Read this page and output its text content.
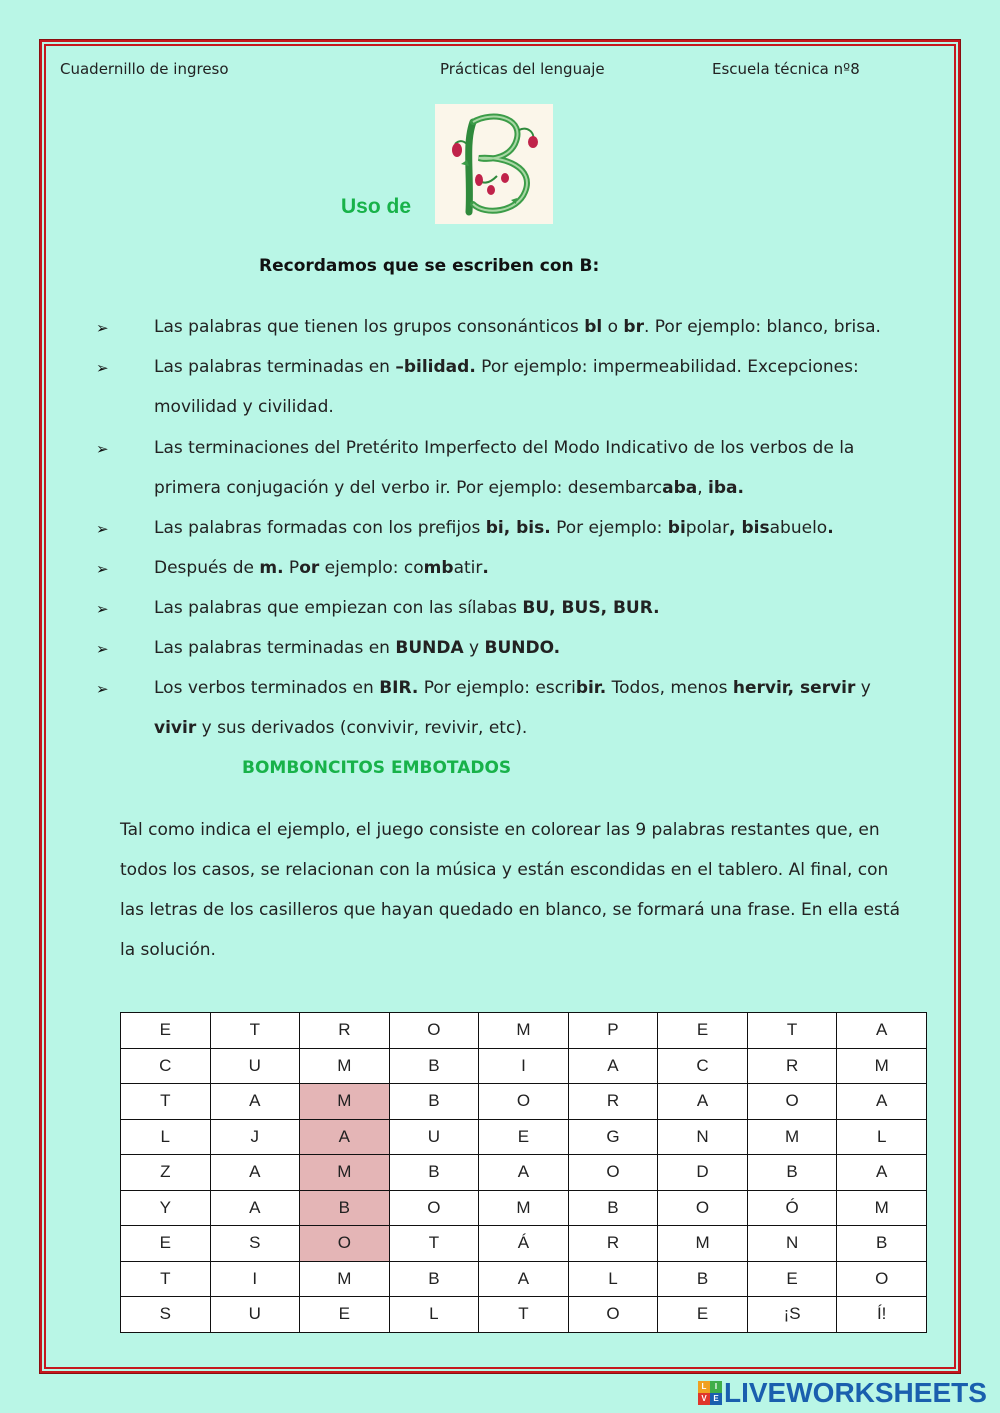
Cuadernillo de ingreso	Prácticas del lenguaje	Escuela técnica nº8
Uso de
Recordamos que se escriben con B:
Las palabras que tienen los grupos consonánticos bl o br. Por ejemplo: blanco, brisa.
Las palabras terminadas en –bilidad. Por ejemplo: impermeabilidad. Excepciones:
movilidad y civilidad.
Las terminaciones del Pretérito Imperfecto del Modo Indicativo de los verbos de la
primera conjugación y del verbo ir. Por ejemplo: desembarcaba, iba.
Las palabras formadas con los prefijos bi, bis. Por ejemplo: bipolar, bisabuelo.
Después de m. Por ejemplo: combatir.
Las palabras que empiezan con las sílabas BU, BUS, BUR.
Las palabras terminadas en BUNDA y BUNDO.
Los verbos terminados en BIR. Por ejemplo: escribir. Todos, menos hervir, servir y
vivir y sus derivados (convivir, revivir, etc).
➢
➢
➢
➢
➢
➢
➢
➢
BOMBONCITOS EMBOTADOS
Tal como indica el ejemplo, el juego consiste en colorear las 9 palabras restantes que, en
todos los casos, se relacionan con la música y están escondidas en el tablero. Al final, con
las letras de los casilleros que hayan quedado en blanco, se formará una frase. En ella está
la solución.
E	T	R	O	M	P	E	T	A
C	U	M	B	I	A	C	R	M
T	A	M	B	O	R	A	O	A
L	J	A	U	E	G	N	M	L
Z	A	M	B	A	O	D	B	A
Y	A	B	O	M	B	O	Ó	M
E	S	O	T	Á	R	M	N	B
T	I	M	B	A	L	B	E	O
S	U	E	L	T	O	E	¡S	Í!
L	I
V E LIVEWORKSHEETS
